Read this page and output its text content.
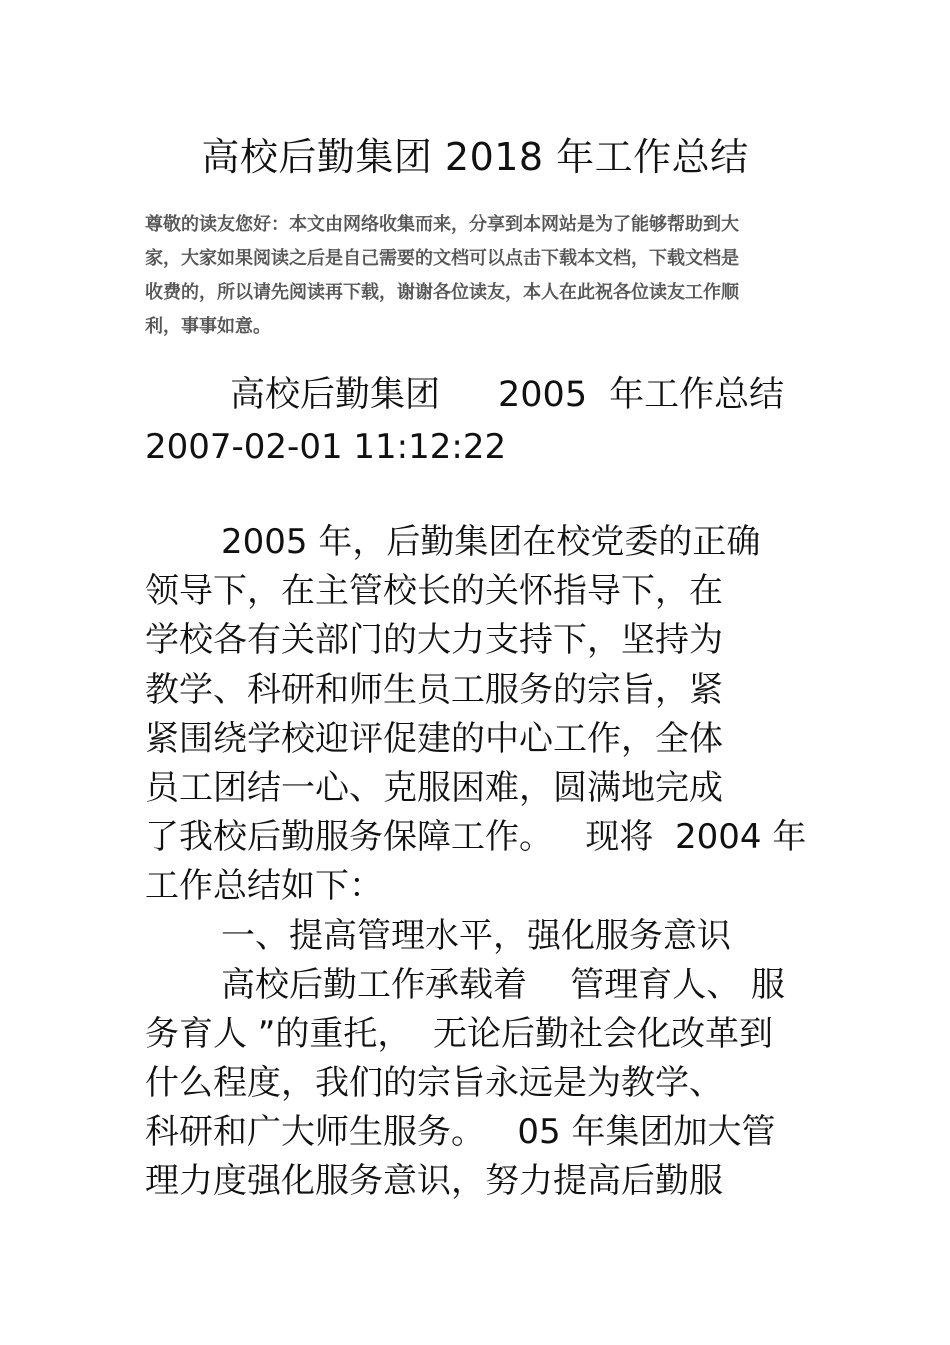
高校后勤集团 2018 年工作总结
尊敬的读友您好：本文由网络收集而来，分享到本网站是为了能够帮助到大
家，大家如果阅读之后是自己需要的文档可以点击下载本文档，下载文档是
收费的，所以请先阅读再下载，谢谢各位读友，本人在此祝各位读友工作顺
利，事事如意。
高校后勤集团 2005 年工作总结
2007-02-01 11:12:22
2005 年，后勤集团在校党委的正确
领导下，在主管校长的关怀指导下，在
学校各有关部门的大力支持下，坚持为
教学、科研和师生员工服务的宗旨，紧
紧围绕学校迎评促建的中心工作，全体
员工团结一心、克服困难，圆满地完成
了我校后勤服务保障工作。   现将  2004 年
工作总结如下：
一、提高管理水平，强化服务意识
高校后勤工作承载着    管理育人、 服
务育人 ”的重托，  无论后勤社会化改革到
什么程度，我们的宗旨永远是为教学、
科研和广大师生服务。   05 年集团加大管
理力度强化服务意识，努力提高后勤服
